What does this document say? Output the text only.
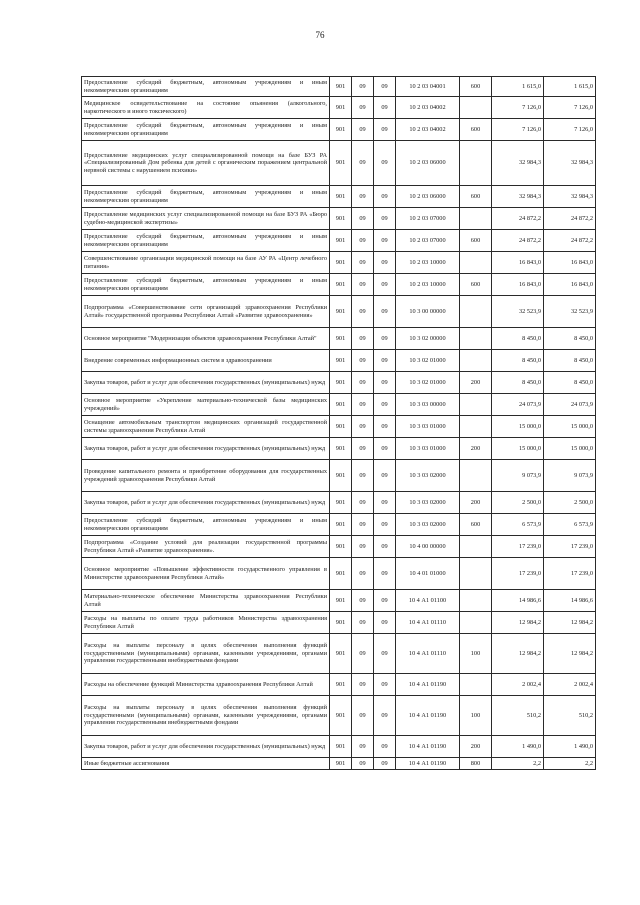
76
Предоставление субсидий бюджетным, автономным учреждениям и иным некоммерческим организациям	901	09	09	10 2 03 04001	600	1 615,0	1 615,0
Медицинское освидетельствование на состояние опьянения (алкогольного, наркотического и иного токсического)	901	09	09	10 2 03 04002		7 126,0	7 126,0
Предоставление субсидий бюджетным, автономным учреждениям и иным некоммерческим организациям	901	09	09	10 2 03 04002	600	7 126,0	7 126,0
Предоставление медицинских услуг специализированной помощи на базе БУЗ РА «Специализированный Дом ребенка для детей с органическим поражением центральной нервной системы с нарушением психики»	901	09	09	10 2 03 06000		32 984,3	32 984,3
Предоставление субсидий бюджетным, автономным учреждениям и иным некоммерческим организациям	901	09	09	10 2 03 06000	600	32 984,3	32 984,3
Предоставление медицинских услуг специализированной помощи на базе БУЗ РА «Бюро судебно-медицинской экспертизы»	901	09	09	10 2 03 07000		24 872,2	24 872,2
Предоставление субсидий бюджетным, автономным учреждениям и иным некоммерческим организациям	901	09	09	10 2 03 07000	600	24 872,2	24 872,2
Совершенствование организации медицинской помощи на базе АУ РА «Центр лечебного питания»	901	09	09	10 2 03 10000		16 843,0	16 843,0
Предоставление субсидий бюджетным, автономным учреждениям и иным некоммерческим организациям	901	09	09	10 2 03 10000	600	16 843,0	16 843,0
Подпрограмма «Совершенствование сети организаций здравоохранения Республики Алтай» государственной программы Республики Алтай «Развитие здравоохранения»	901	09	09	10 3 00 00000		32 523,9	32 523,9
Основное мероприятие "Модернизация объектов здравоохранения Республики Алтай"	901	09	09	10 3 02 00000		8 450,0	8 450,0
Внедрение современных информационных систем в здравоохранении	901	09	09	10 3 02 01000		8 450,0	8 450,0
Закупка товаров, работ и услуг для обеспечения государственных (муниципальных) нужд	901	09	09	10 3 02 01000	200	8 450,0	8 450,0
Основное мероприятие «Укрепление материально-технической базы медицинских учреждений»	901	09	09	10 3 03 00000		24 073,9	24 073,9
Оснащение автомобильным транспортом медицинских организаций государственной системы здравоохранения Республики Алтай	901	09	09	10 3 03 01000		15 000,0	15 000,0
Закупка товаров, работ и услуг для обеспечения государственных (муниципальных) нужд	901	09	09	10 3 03 01000	200	15 000,0	15 000,0
Проведение капитального ремонта и приобретение оборудования для государственных учреждений здравоохранения Республики Алтай	901	09	09	10 3 03 02000		9 073,9	9 073,9
Закупка товаров, работ и услуг для обеспечения государственных (муниципальных) нужд	901	09	09	10 3 03 02000	200	2 500,0	2 500,0
Предоставление субсидий бюджетным, автономным учреждениям и иным некоммерческим организациям	901	09	09	10 3 03 02000	600	6 573,9	6 573,9
Подпрограмма «Создание условий для реализации государственной программы Республики Алтай «Развитие здравоохранения».	901	09	09	10 4 00 00000		17 239,0	17 239,0
Основное мероприятие «Повышение эффективности государственного управления в Министерстве здравоохранения Республики Алтай»	901	09	09	10 4 01 01000		17 239,0	17 239,0
Материально-техническое обеспечение Министерства здравоохранения Республики Алтай	901	09	09	10 4 А1 01100		14 986,6	14 986,6
Расходы на выплаты по оплате труда работников Министерства здравоохранения Республики Алтай	901	09	09	10 4 А1 01110		12 984,2	12 984,2
Расходы на выплаты персоналу в целях обеспечения выполнения функций государственными (муниципальными) органами, казенными учреждениями, органами управления государственными внебюджетными фондами	901	09	09	10 4 А1 01110	100	12 984,2	12 984,2
Расходы на обеспечение функций Министерства здравоохранения Республики Алтай	901	09	09	10 4 А1 01190		2 002,4	2 002,4
Расходы на выплаты персоналу в целях обеспечения выполнения функций государственными (муниципальными) органами, казенными учреждениями, органами управления государственными внебюджетными фондами	901	09	09	10 4 А1 01190	100	510,2	510,2
Закупка товаров, работ и услуг для обеспечения государственных (муниципальных) нужд	901	09	09	10 4 А1 01190	200	1 490,0	1 490,0
Иные бюджетные ассигнования	901	09	09	10 4 А1 01190	800	2,2	2,2
